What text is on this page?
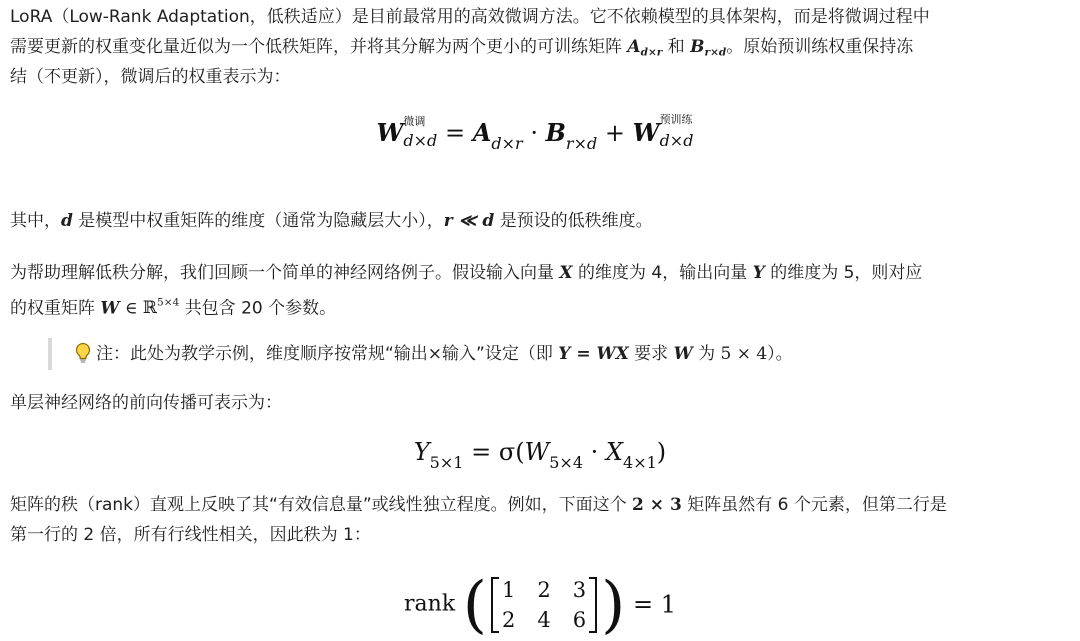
LoRA（Low-Rank Adaptation，低秩适应）是目前最常用的高效微调方法。它不依赖模型的具体架构，而是将微调过程中
需要更新的权重变化量近似为一个低秩矩阵，并将其分解为两个更小的可训练矩阵 $A_{d\times r}$ 和 $B_{r\times d}$。原始预训练权重保持冻
结（不更新），微调后的权重表示为：
W 微调
$d\times d = A_{d\times r} \cdot B_{r\times d} + W$ 预训练
d×d
其中，d 是模型中权重矩阵的维度（通常为隐藏层大小），r ≪ d 是预设的低秩维度。
为帮助理解低秩分解，我们回顾一个简单的神经网络例子。假设输入向量 X 的维度为 4，输出向量 Y 的维度为 5，则对应
的权重矩阵 W ∈ ℝ$^{5\times 4}$ 共包含 20 个参数。
注：此处为教学示例，维度顺序按常规“输出×输入”设定（即 Y = WX 要求 W 为 5 × 4）。
单层神经网络的前向传播可表示为：
$Y_{5\times 1} = \sigma(W_{5\times 4} \cdot X_{4\times 1})$
矩阵的秩（rank）直观上反映了其“有效信息量”或线性独立程度。例如，下面这个 2 × 3 矩阵虽然有 6 个元素，但第二行是
第一行的 2 倍，所有行线性相关，因此秩为 1：
rank ( 1	2	3
2	4	6 ) = 1
